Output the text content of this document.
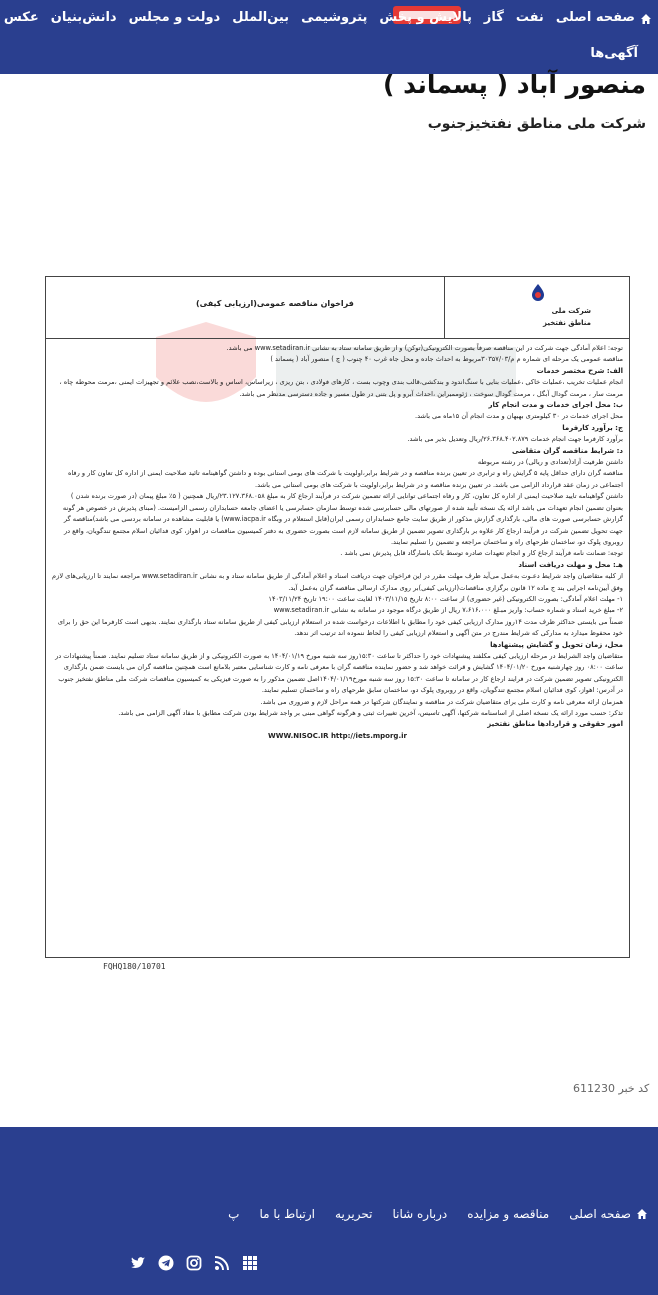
صفحه اصلی
نفت
گاز
پالایش و پخش
پتروشیمی
بین‌الملل
دولت و مجلس
دانش‌بنیان
عکس
آگهی‌ها
منصور آباد ( پسماند )
شرکت ملی مناطق نفتخیزجنوب
شرکت ملی
مناطق نفتخیز
فراخوان مناقصه عمومی(ارزیابی کیفی)

توجه: اعلام آمادگی جهت شرکت در این مناقصه صرفاً بصورت الکترونیکی(توکن) و از طریق سامانه ستاد به نشانی www.setadiran.ir می باشد.

مناقصه عمومی یک مرحله ای شماره م م/۳۰۳۵۷/۰۳مربوط به احداث جاده و محل جاه غرب ۴۰ چنوب ( چ ) منصور آباد ( پسماند )

الف: شرح مختصر خدمات

انجام عملیات تخریب ،عملیات خاکی ،عملیات بنایی با سنگ‌اندود و بندکشی،قالب بندی وچوب بست ، کارهای فولادی ، بتن ریزی ، زیراساس، اساس و بالاست،نصب علائم و تجهیزات ایمنی ،مرمت محوطه چاه ، مرمت سار ، مرمت گودال آبگل ، مرمت گودال سوخت ، ژئوممبراین ،احداث آبرو و پل بتنی در طول مسیر و جاده دسترسی مدنظر می باشد.

ب: محل اجرای خدمات و مدت انجام کار

محل اجرای خدمات در ۳۰ کیلومتری بهبهان و مدت انجام آن ۱۵ماه می باشد.

ج: برآورد کارفرما

برآورد کارفرما جهت انجام خدمات ۲۶.۳۶۸.۴۰۲.۸۷۹/ریال وتعدیل بذیر می باشد.

د: شرایط مناقصه گران متقاضی

داشتن ظرفیت آزاد(تعدادی و ریالی) در رشته مربوطه

مناقصه گران دارای حداقل پایه ۵ گرایش راه و ترابری در تعیین برنده مناقصه و در شرایط برابر،اولویت با شرکت های بومی استانی بوده و داشتن گواهینامه تائید صلاحیت ایمنی از اداره کل تعاون کار و رفاه اجتماعی در زمان عقد قرارداد الزامی می باشد. در تعیین برنده مناقصه و در شرایط برابر،اولویت با شرکت های بومی استانی می باشد.

داشتن گواهینامه تایید صلاحیت ایمنی از اداره کل تعاون، کار و رفاه اجتماعی توانایی ارائه تضمین شرکت در فرآیند ارجاع کار به مبلغ ۲۳.۱۲۷.۳۶۸.۰۵۸/ریال همچنین ( ۵٪ مبلغ پیمان (در صورت برنده شدن ) بعنوان تضمین انجام تعهدات می باشد ارائه یک نسخه تأیید شده از صورتهای مالی حسابرسی شده توسط سازمان حسابرسی یا اعضای جامعه حسابداران رسمی الزامیست. (مبنای پذیرش در خصوص هر گونه گزارش حسابرسی صورت های مالی، بارگذاری گزارش مذکور از طریق سایت جامع حسابداران رسمی ایران(قابل استعلام در وبگاه www.iacpa.ir) یا قابلیت مشاهده در سامانه بردسی می باشد)مناقصه گر جهت تحویل تضمین شرکت در فرآیند ارجاع کار علاوه بر بارگذاری تصویر تضمین از طریق سامانه لازم است بصورت حضوری به دفتر کمیسیون مناقصات در اهواز، کوی فدائیان اسلام مجتمع تندگویان، واقع در روبروی پلوک دو، ساختمان طرحهای راه و ساختمان مراجعه و تضمین را تسلیم نمایند.

توجه: ضمانت نامه فرآیند ارجاع کار و انجام تعهدات صادره توسط بانک باسارگاد قابل پذیرش نمی باشد .

هـ: محل و مهلت دریافت اسناد

از کلیه متقاضیان واجد شرایط دعـوت به‌عمل می‌آید ظرف مهلت مقرر در این فراخوان جهت دریافت اسناد و اعلام آمادگی از طریق سامانه ستاد و به نشانی www.setadiran.ir مراجعه نمایند تا ارزیابی‌های لازم وفق آیین‌نامه اجرایی بند ج ماده ۱۲ قانون برگزاری مناقصات(ارزیابی کیفی)بر روی مدارک ارسالی مناقصه گران به‌عمل آید.

۱- مهلت اعلام آمادگی: بصورت الکترونیکی (غیر حضوری) از ساعت ۸:۰۰ تاریخ ۱۴۰۳/۱۱/۱۵ لغایت ساعت ۱۹:۰۰ تاریخ ۱۴۰۳/۱۱/۲۴

۲- مبلغ خرید اسناد و شماره حساب: واریز مبـلغ ۷،۶۱۶،۰۰۰ ریال از طریق درگاه موجود در سامانه به نشانی www.setadiran.ir

ضمناً می بایستی حداکثر ظرف مدت ۱۴روز مدارک ارزیابی کیفی خود را مطابق با اطلاعات درخواست شده در استعلام ارزیابی کیفی از طریق سامانه ستاد بارگذاری نمایند. بدیهی است کارفرما این حق را برای خود محفوظ میدارد به مدارکی که شرایط مندرج در متن آگهی و استعلام ارزیابی کیفی را لحاظ ننموده اند ترتیب اثر ندهد.

محل، زمان تحویل و گشایش پیشنهادها

متقاضیان واجد الشرایط در مرحله ارزیابی کیفی مکلفند پیشنهادات خود را حداکثر تا ساعت ۱۵:۳۰روز سه شنبه مورخ ۱۴۰۴/۰۱/۱۹ به صورت الکترونیکی و از طریق سامانه ستاد تسلیم نمایند. ضمناً پیشنهادات در ساعت ۰۸:۰۰ روز چهارشنبه مورخ ۱۴۰۴/۰۱/۲۰ گشایش و قرائت خواهد شد و حضور نماینده مناقصه گران با معرفی نامه و کارت شناسایی معتبر بلامانع است همچنین مناقصه گران می بایست ضمن بارگذاری الکترونیکی تصویر تضمین شرکت در فرایند ارجاع کار در سامانه تا ساعت ۱۵:۳۰ روز سه شنبه مورخ۱۴۰۴/۰۱/۱۹اصل تضمین مذکور را به صورت فیزیکی به کمیسیون مناقصات شرکت ملی مناطق نفتخیز جنوب در آدرس: اهواز، کوی فدائیان اسلام مجتمع تندگویان، واقع در روبروی پلوک دو، ساختمان سابق طرحهای راه و ساختمان تسلیم نمایند.

همزمان ارائه معرفی نامه و کارت ملی برای متقاضیان شرکت در مناقصه و نمایندگان شرکتها در همه مراحل لازم و ضروری می باشد.

تذکر: حسب مورد ارائه یک نسخه اصلی از اساسنامه شرکتها، آگهی تاسیس، آخرین تغییرات ثبتی و هرگونه گواهی مبنی بر واجد شرایط بودن شرکت مطابق با مفاد آگهی الزامی می باشد.

امور حقوقی و قراردادها مناطق نفتخیز

WWW.NISOC.IR http://iets.mporg.ir

FQHQ180/10701
کد خبر 611230
صفحه اصلی
مناقصه و مزایده
درباره شانا
تحریریه
ارتباط با ما
پ
